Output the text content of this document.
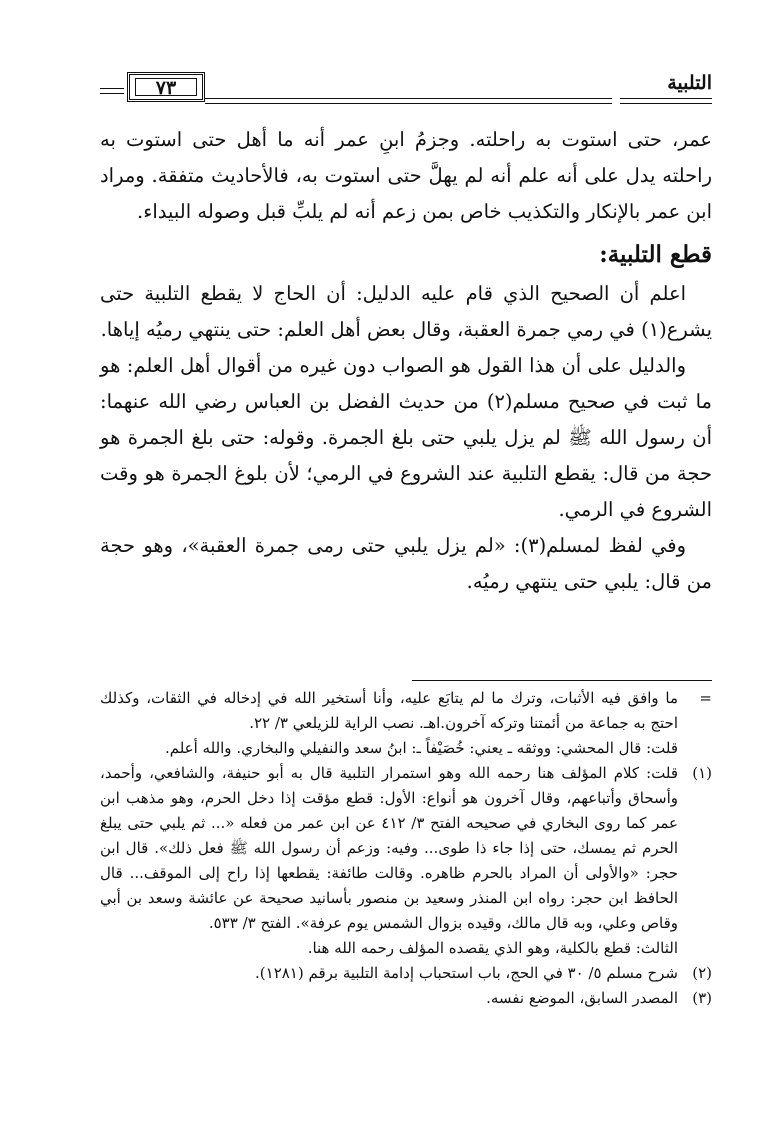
التلبية
٧٣

عمر، حتى استوت به راحلته. وجزمُ ابنِ عمر أنه ما أهل حتى استوت به راحلته يدل على أنه علم أنه لم يهلَّ حتى استوت به، فالأحاديث متفقة. ومراد ابن عمر بالإنكار والتكذيب خاص بمن زعم أنه لم يلبِّ قبل وصوله البيداء.

قطع التلبية:

اعلم أن الصحيح الذي قام عليه الدليل: أن الحاج لا يقطع التلبية حتى يشرع(١) في رمي جمرة العقبة، وقال بعض أهل العلم: حتى ينتهي رميُه إياها.

والدليل على أن هذا القول هو الصواب دون غيره من أقوال أهل العلم: هو ما ثبت في صحيح مسلم(٢) من حديث الفضل بن العباس رضي الله عنهما: أن رسول الله ﷺ لم يزل يلبي حتى بلغ الجمرة. وقوله: حتى بلغ الجمرة هو حجة من قال: يقطع التلبية عند الشروع في الرمي؛ لأن بلوغ الجمرة هو وقت الشروع في الرمي.

وفي لفظ لمسلم(٣): «لم يزل يلبي حتى رمى جمرة العقبة»، وهو حجة من قال: يلبي حتى ينتهي رميُه.

=
ما وافق فيه الأثبات، وترك ما لم يتابَع عليه، وأنا أستخير الله في إدخاله في الثقات، وكذلك احتج به جماعة من أئمتنا وتركه آخرون.اهـ. نصب الراية للزيلعي ٣/ ٢٢.

قلت: قال المحشي: ووثقه ـ يعني: خُصَيْفاً ـ: ابنُ سعد والنفيلي والبخاري. والله أعلم.

(١)
قلت: كلام المؤلف هنا رحمه الله وهو استمرار التلبية قال به أبو حنيفة، والشافعي، وأحمد، وأسحاق وأتباعهم، وقال آخرون هو أنواع: الأول: قطع مؤقت إذا دخل الحرم، وهو مذهب ابن عمر كما روى البخاري في صحيحه الفتح ٣/ ٤١٢ عن ابن عمر من فعله «... ثم يلبي حتى يبلغ الحرم ثم يمسك، حتى إذا جاء ذا طوى... وفيه: وزعم أن رسول الله ﷺ فعل ذلك». قال ابن حجر: «والأولى أن المراد بالحرم ظاهره. وقالت طائفة: يقطعها إذا راح إلى الموقف... قال الحافظ ابن حجر: رواه ابن المنذر وسعيد بن منصور بأسانيد صحيحة عن عائشة وسعد بن أبي وقاص وعلي، وبه قال مالك، وقيده بزوال الشمس يوم عرفة». الفتح ٣/ ٥٣٣.

الثالث: قطع بالكلية، وهو الذي يقصده المؤلف رحمه الله هنا.

(٢)
شرح مسلم ٥/ ٣٠ في الحج، باب استحباب إدامة التلبية برقم (١٢٨١).

(٣)
المصدر السابق، الموضع نفسه.
